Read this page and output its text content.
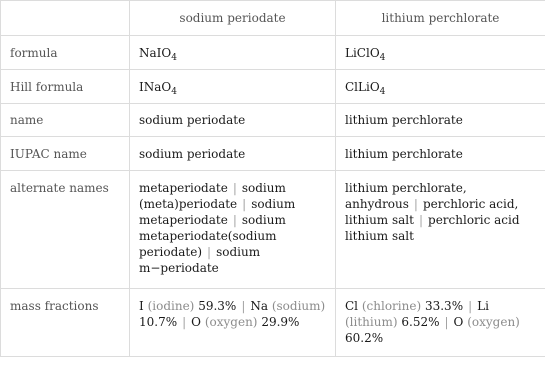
	sodium periodate	lithium perchlorate
formula	NaIO$_4$	LiClO$_4$
Hill formula	INaO$_4$	ClLiO$_4$
name	sodium periodate	lithium perchlorate
IUPAC name	sodium periodate	lithium perchlorate
alternate names	metaperiodate | sodium (meta)periodate | sodium metaperiodate | sodium metaperiodate(sodium periodate) | sodium m−periodate	lithium perchlorate, anhydrous | perchloric acid, lithium salt | perchloric acid lithium salt
mass fractions	I (iodine) 59.3% | Na (sodium) 10.7% | O (oxygen) 29.9%	Cl (chlorine) 33.3% | Li (lithium) 6.52% | O (oxygen) 60.2%
